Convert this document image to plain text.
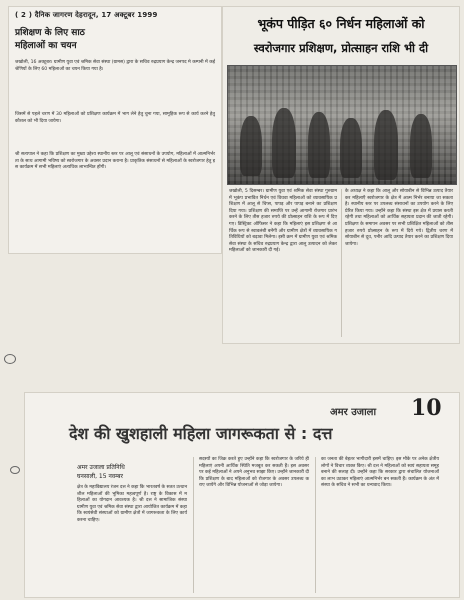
( 2 ) दैनिक जागरण देहरादून, 17 अक्टूबर 1999
प्रशिक्षण के लिए साठ
महिलाओं का चयन
जखोली, 16 अक्टूबर। ग्रामीण युवा एवं श्रमिक सेवा संस्था (ग्रामस) द्वारा के सचिव रुद्रप्रयाग केन्द्र जनपद मे कम्पनी में कई श्रेणियों के लिए 60 महिलाओं का चयन किया गया है।
जिसमें से पहले चरण में 30 महिलाओं को प्रशिक्षण कार्यक्रम में भाग लेने हेतु चुना गया, सामूहिक रूप से कार्य करने हेतु कौशल को भी दिया जायेगा।
श्री सत्यपाल ने कहा कि प्रशिक्षण का मुख्य उद्देश्य स्थानीय स्तर पर आलू एवं संसाधनों के उपयोग, महिलाओं में आत्मनिर्भरता के साथ आगामी भविष्य को स्वरोजगार के अवसर प्रदान कराना है। प्राकृतिक संसाधनों से महिलाओं के स्वरोजगार हेतु इस कार्यक्रम में सभी महिलाएं अत्यधिक लाभान्वित होंगी।
भूकंप पीड़ित ६० निर्धन महिलाओं को
स्वरोजगार प्रशिक्षण, प्रोत्साहन राशि भी दी
जखोली, 5 दिसम्बर। ग्रामीण युवा एवं श्रमिक सेवा संस्था गुरुग्राम में भूकंप प्रभावित निर्धन एवं विधवा महिलाओं को व्यावसायिक प्रशिक्षण में आलू से चिप्स, पापड़ और पापड़ बनाने का प्रशिक्षण दिया गया। प्रशिक्षण की समाप्ति पर उन्हें आगामी रोजगार प्रारंभ करने के लिए तीस हजार रुपये की प्रोत्साहन राशि के रूप में दिए गए। डिस्ट्रिक्ट ऑफिसर ने कहा कि महिलाएं इस प्रशिक्षण से आर्थिक रूप से स्वावलंबी बनेंगी और ग्रामीण क्षेत्रों में व्यावसायिक गतिविधियों को बढ़ावा मिलेगा। इसी क्रम में ग्रामीण युवा एवं श्रमिक सेवा संस्था के सचिव रुद्रप्रयाग केन्द्र द्वारा आलू उत्पादन को लेकर महिलाओं को जानकारी दी गई।
के अध्यक्ष ने कहा कि आलू और सोयाबीन से विभिन्न उत्पाद तैयार कर महिलाएँ स्वरोजगार के क्षेत्र में आत्म निर्भर बनाया जा सकता है। स्थानीय स्तर पर उपलब्ध संसाधनों का उपयोग करने के लिए प्रेरित किया गया। उन्होंने कहा कि संस्था इस क्षेत्र में प्रयास करती रहेगी तथा महिलाओं को आर्थिक सहायता प्रदान की जाती रहेगी। प्रशिक्षण के समापन अवसर पर सभी प्रशिक्षित महिलाओं को तीस हजार रुपये प्रोत्साहन के रूप में दिये गये। द्वितीय चरण में सोयाबीन से दूध, पनीर आदि उत्पाद तैयार करने का प्रशिक्षण दिया जायेगा।
अमर उजाला 10
देश की खुशहाली महिला जागरूकता से : दत्त
अमर उजाला प्रतिनिधि
घनसाली, 15 नवम्बर
क्षेत्र के महाविद्यालय रंजन दत्त ने कहा कि भारतवर्ष के सतत उत्थानशील महिलाओं की भूमिका महत्वपूर्ण है। राष्ट्र के विकास में महिलाओं का योगदान आवश्यक है। श्री दत्त ने सामाजिक संस्था ग्रामीण युवा एवं श्रमिक सेवा संस्था द्वारा आयोजित कार्यक्रम में कहा कि स्वयंसेवी संस्थाओं को ग्रामीण क्षेत्रों में जागरूकता के लिए कार्य करना चाहिए।
सदस्यों का जिक्र करते हुए उन्होंने कहा कि स्वरोजगार के जरिये ही महिलाएं अपनी आर्थिक स्थिति मजबूत कर सकती हैं। इस अवसर पर कई महिलाओं ने अपने अनुभव साझा किए। उन्होंने जानकारी दी कि प्रशिक्षण के बाद महिलाओं को रोजगार के अवसर उपलब्ध कराए जायेंगे और विभिन्न योजनाओं से जोड़ा जायेगा।
का जनता की बेहतर भागीदारी इसमें चाहिए। इस मौके पर अनेक क्षेत्रीय लोगों ने विचार व्यक्त किए। श्री दत्त ने महिलाओं को स्वयं सहायता समूह बनाने की सलाह दी। उन्होंने कहा कि सरकार द्वारा संचालित योजनाओं का लाभ उठाकर महिलाएं आत्मनिर्भर बन सकती हैं। कार्यक्रम के अंत में संस्था के सचिव ने सभी का धन्यवाद किया।
